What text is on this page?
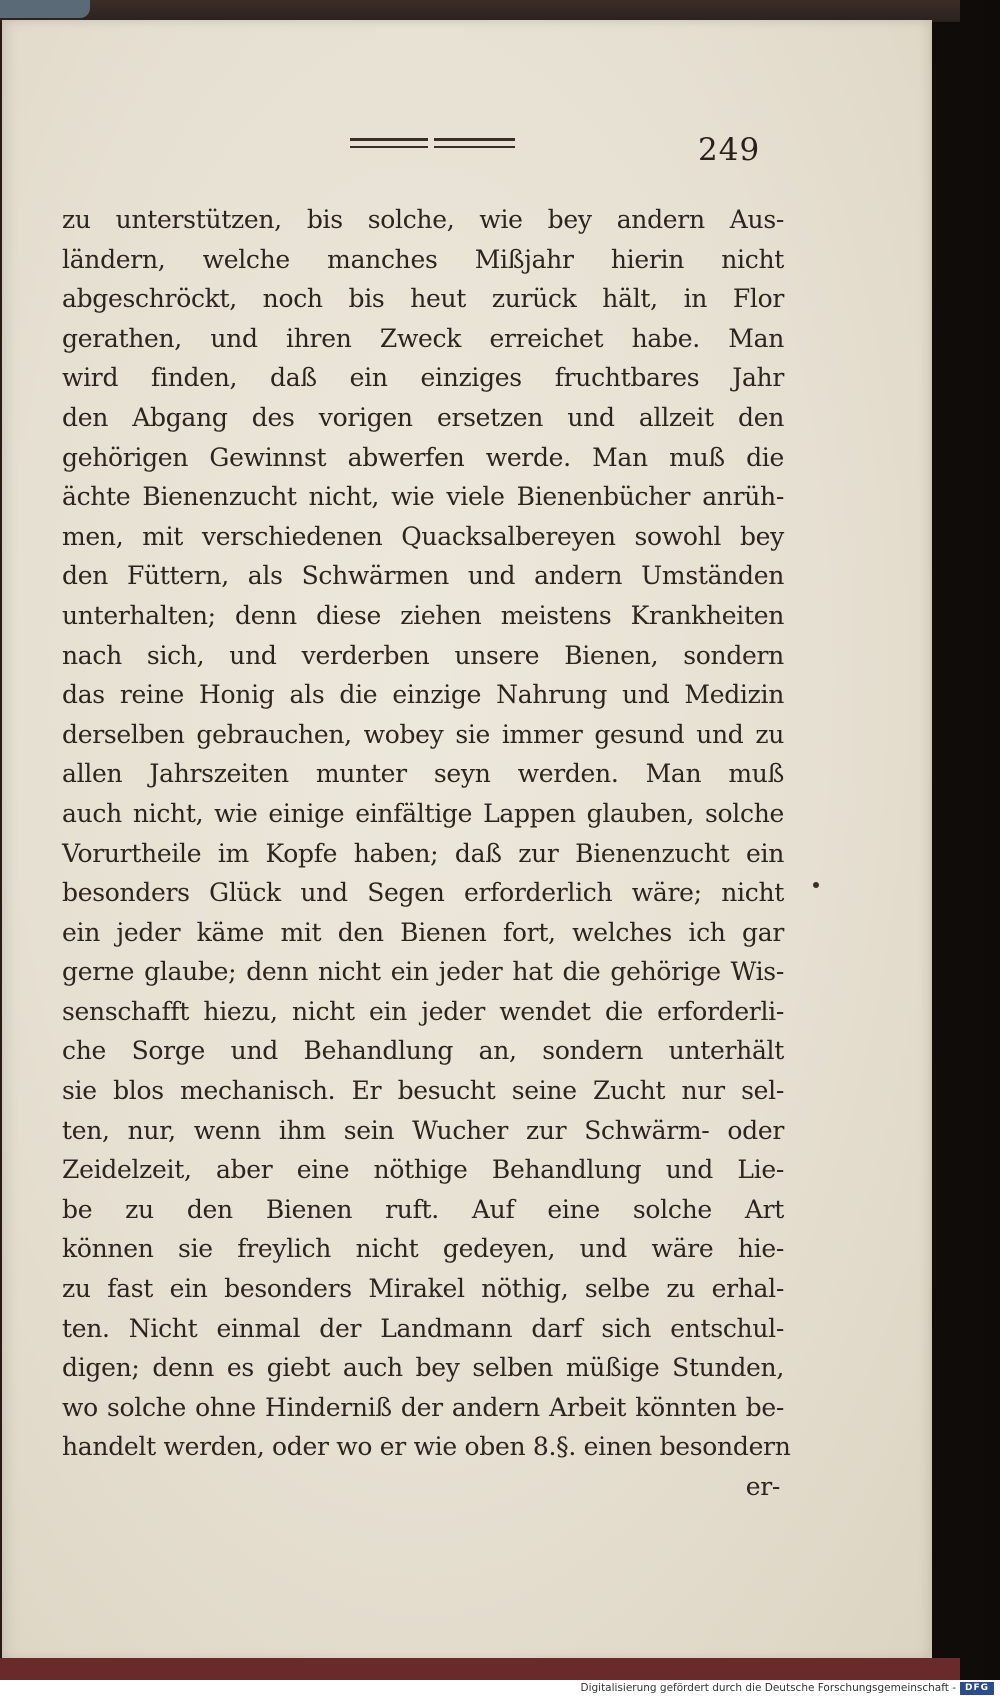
249
zu unterstützen, bis solche, wie bey andern Aus-
ländern, welche manches Mißjahr hierin nicht
abgeschröckt, noch bis heut zurück hält, in Flor
gerathen, und ihren Zweck erreichet habe. Man
wird finden, daß ein einziges fruchtbares Jahr
den Abgang des vorigen ersetzen und allzeit den
gehörigen Gewinnst abwerfen werde. Man muß die
ächte Bienenzucht nicht, wie viele Bienenbücher anrüh-
men, mit verschiedenen Quacksalbereyen sowohl bey
den Füttern, als Schwärmen und andern Umständen
unterhalten; denn diese ziehen meistens Krankheiten
nach sich, und verderben unsere Bienen, sondern
das reine Honig als die einzige Nahrung und Medizin
derselben gebrauchen, wobey sie immer gesund und zu
allen Jahrszeiten munter seyn werden. Man muß
auch nicht, wie einige einfältige Lappen glauben, solche
Vorurtheile im Kopfe haben; daß zur Bienenzucht ein
besonders Glück und Segen erforderlich wäre; nicht
ein jeder käme mit den Bienen fort, welches ich gar
gerne glaube; denn nicht ein jeder hat die gehörige Wis-
senschafft hiezu, nicht ein jeder wendet die erforderli-
che Sorge und Behandlung an, sondern unterhält
sie blos mechanisch. Er besucht seine Zucht nur sel-
ten, nur, wenn ihm sein Wucher zur Schwärm- oder
Zeidelzeit, aber eine nöthige Behandlung und Lie-
be zu den Bienen ruft. Auf eine solche Art
können sie freylich nicht gedeyen, und wäre hie-
zu fast ein besonders Mirakel nöthig, selbe zu erhal-
ten. Nicht einmal der Landmann darf sich entschul-
digen; denn es giebt auch bey selben müßige Stunden,
wo solche ohne Hinderniß der andern Arbeit könnten be-
handelt werden, oder wo er wie oben 8.§. einen besondern
er-
Digitalisierung gefördert durch die Deutsche Forschungsgemeinschaft - DFG
